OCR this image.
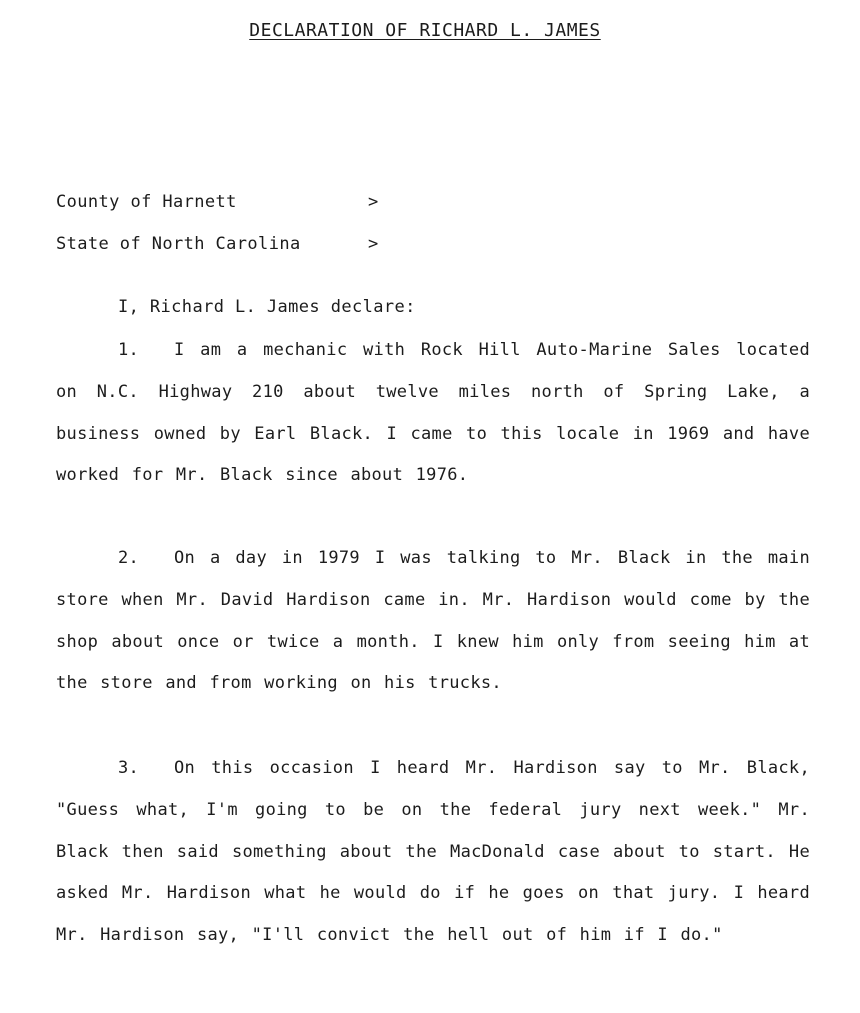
DECLARATION OF RICHARD L. JAMES
County of Harnett	>
State of North Carolina	>
I, Richard L. James declare:
1. I am a mechanic with Rock Hill Auto-Marine Sales located on N.C. Highway 210 about twelve miles north of Spring Lake, a business owned by Earl Black. I came to this locale in 1969 and have worked for Mr. Black since about 1976.
2. On a day in 1979 I was talking to Mr. Black in the main store when Mr. David Hardison came in. Mr. Hardison would come by the shop about once or twice a month. I knew him only from seeing him at the store and from working on his trucks.
3. On this occasion I heard Mr. Hardison say to Mr. Black, "Guess what, I'm going to be on the federal jury next week." Mr. Black then said something about the MacDonald case about to start. He asked Mr. Hardison what he would do if he goes on that jury. I heard Mr. Hardison say, "I'll convict the hell out of him if I do."
